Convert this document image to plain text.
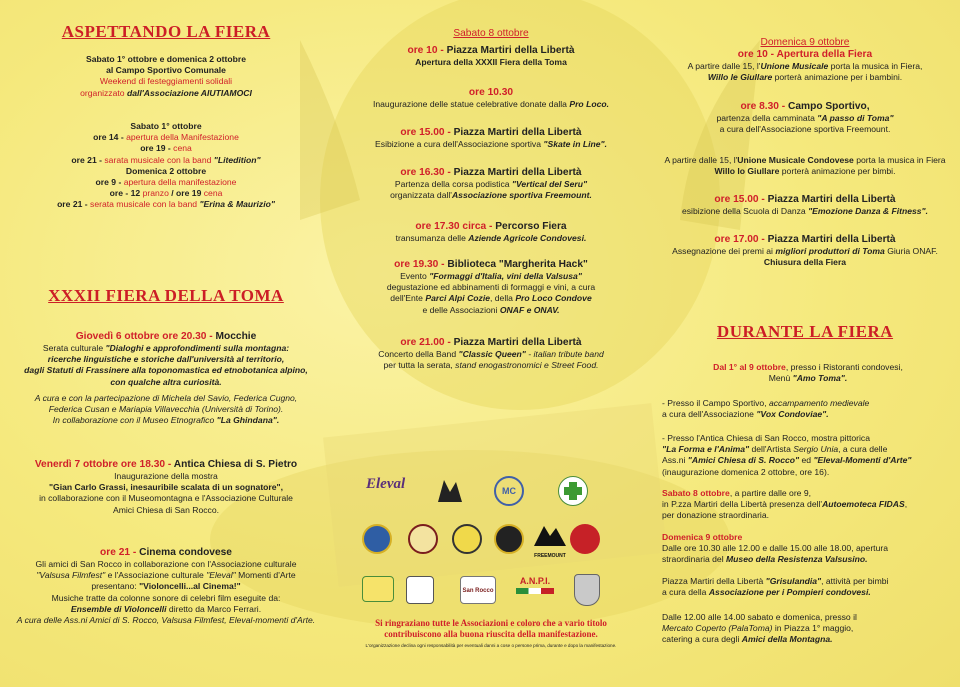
ASPETTANDO LA FIERA
Sabato 1° ottobre e domenica 2 ottobre
al Campo Sportivo Comunale
Weekend di festeggiamenti solidali
organizzato dall'Associazione AIUTIAMOCI
Sabato 1° ottobre
ore 14 - apertura della Manifestazione
ore 19 - cena
ore 21 - sarata musicale con la band "Litedition"
Domenica 2 ottobre
ore 9 - apertura della manifestazione
ore - 12 pranzo / ore 19 cena
ore 21 - serata musicale con la band "Erina & Maurizio"
XXXII FIERA DELLA TOMA
Giovedì 6 ottobre ore 20.30 - Mocchie
Serata culturale "Dialoghi e approfondimenti sulla montagna:
ricerche linguistiche e storiche dall'università al territorio,
dagli Statuti di Frassinere alla toponomastica ed etnobotanica alpino,
con qualche altra curiosità.
A cura e con la partecipazione di Michela del Savio, Federica Cugno,
Federica Cusan e Mariapia Villavecchia (Università di Torino).
In collaborazione con il Museo Etnografico "La Ghindana".
Venerdì 7 ottobre ore 18.30 - Antica Chiesa di S. Pietro
Inaugurazione della mostra
"Gian Carlo Grassi, inesauribile scalata di un sognatore",
in collaborazione con il Museomontagna e l'Associazione Culturale
Amici Chiesa di San Rocco.
ore 21 - Cinema condovese
Gli amici di San Rocco in collaborazione con l'Associazione culturale
"Valsusa Filmfest" e l'Associazione culturale "Eleval" Momenti d'Arte
presentano: "Violoncelli...al Cinema!"
Musiche tratte da colonne sonore di celebri film eseguite da:
Ensemble di Violoncelli diretto da Marco Ferrari.
A cura delle Ass.ni Amici di S. Rocco, Valsusa Filmfest, Eleval-momenti d'Arte.
Sabato 8 ottobre
ore 10 - Piazza Martiri della Libertà
Apertura della XXXII Fiera della Toma
ore 10.30
Inaugurazione delle statue celebrative donate dalla Pro Loco.
ore 15.00 - Piazza Martiri della Libertà
Esibizione a cura dell'Associazione sportiva "Skate in Line".
ore 16.30 - Piazza Martiri della Libertà
Partenza della corsa podistica "Vertical del Seru"
organizzata dall'Associazione sportiva Freemount.
ore 17.30 circa - Percorso Fiera
transumanza delle Aziende Agricole Condovesi.
ore 19.30 - Biblioteca "Margherita Hack"
Evento "Formaggi d'Italia, vini della Valsusa"
degustazione ed abbinamenti di formaggi e vini, a cura
dell'Ente Parci Alpi Cozie, della Pro Loco Condove
e delle Associazioni ONAF e ONAV.
ore 21.00 - Piazza Martiri della Libertà
Concerto della Band "Classic Queen" - italian tribute band
per tutta la serata, stand enogastronomici e Street Food.
Eleval	MC
FREEMOUNT
San Rocco
A.N.P.I.
Si ringraziano tutte le Associazioni e coloro che a vario titolo
contribuiscono alla buona riuscita della manifestazione.
L'organizzazione declina ogni responsabilità per eventuali danni a cose o persone prima, durante e dopo la manifestazione.
Domenica 9 ottobre
ore 10 - Apertura della Fiera
A partire dalle 15, l'Unione Musicale porta la musica in Fiera,
Willo le Giullare porterà animazione per i bambini.
ore 8.30 - Campo Sportivo,
partenza della camminata "A passo di Toma"
a cura dell'Associazione sportiva Freemount.
A partire dalle 15, l'Unione Musicale Condovese porta la musica in Fiera
Willo lo Giullare porterà animazione per bimbi.
ore 15.00 - Piazza Martiri della Libertà
esibizione della Scuola di Danza "Emozione Danza & Fitness".
ore 17.00 - Piazza Martiri della Libertà
Assegnazione dei premi ai migliori produttori di Toma Giuria ONAF.
Chiusura della Fiera
DURANTE LA FIERA
Dal 1° al 9 ottobre, presso i Ristoranti condovesi,
Menù "Amo Toma".
- Presso il Campo Sportivo, accampamento medievale
a cura dell'Associazione "Vox Condoviae".
- Presso l'Antica Chiesa di San Rocco, mostra pittorica
"La Forma e l'Anima" dell'Artista Sergio Unia, a cura delle
Ass.ni "Amici Chiesa di S. Rocco" ed "Eleval-Momenti d'Arte"
(inaugurazione domenica 2 ottobre, ore 16).
Sabato 8 ottobre, a partire dalle ore 9,
in P.zza Martiri della Libertà presenza dell'Autoemoteca FIDAS,
per donazione straordinaria.
Domenica 9 ottobre
Dalle ore 10.30 alle 12.00 e dalle 15.00 alle 18.00, apertura
straordinaria del Museo della Resistenza Valsusino.
Piazza Martiri della Libertà "Grisulandia", attività per bimbi
a cura della Associazione per i Pompieri condovesi.
Dalle 12.00 alle 14.00 sabato e domenica, presso il
Mercato Coperto (PalaToma) in Piazza 1° maggio,
catering a cura degli Amici della Montagna.
